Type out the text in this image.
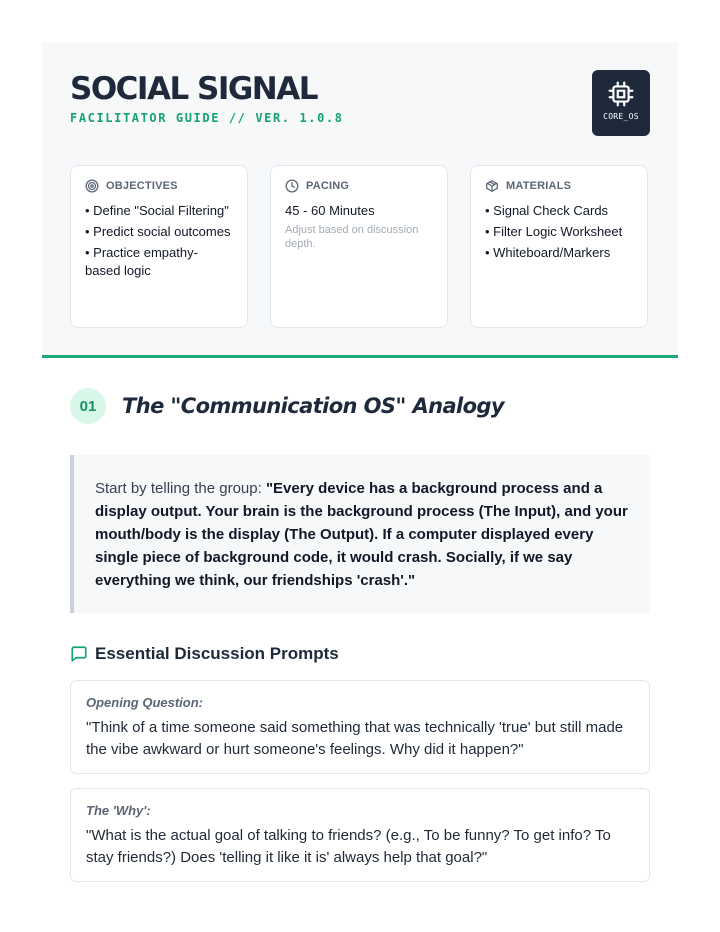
SOCIAL SIGNAL
FACILITATOR GUIDE // VER. 1.0.8	CORE_OS
OBJECTIVES
• Define "Social Filtering"
• Predict social outcomes
• Practice empathy-based logic
PACING
45 - 60 Minutes
Adjust based on discussion depth.
MATERIALS
• Signal Check Cards
• Filter Logic Worksheet
• Whiteboard/Markers
01	The "Communication OS" Analogy

Start by telling the group: "Every device has a background process and a display output. Your brain is the background process (The Input), and your mouth/body is the display (The Output). If a computer displayed every single piece of background code, it would crash. Socially, if we say everything we think, our friendships 'crash'."

Essential Discussion Prompts
Opening Question:
"Think of a time someone said something that was technically 'true' but still made the vibe awkward or hurt someone's feelings. Why did it happen?"
The 'Why':
"What is the actual goal of talking to friends? (e.g., To be funny? To get info? To stay friends?) Does 'telling it like it is' always help that goal?"
